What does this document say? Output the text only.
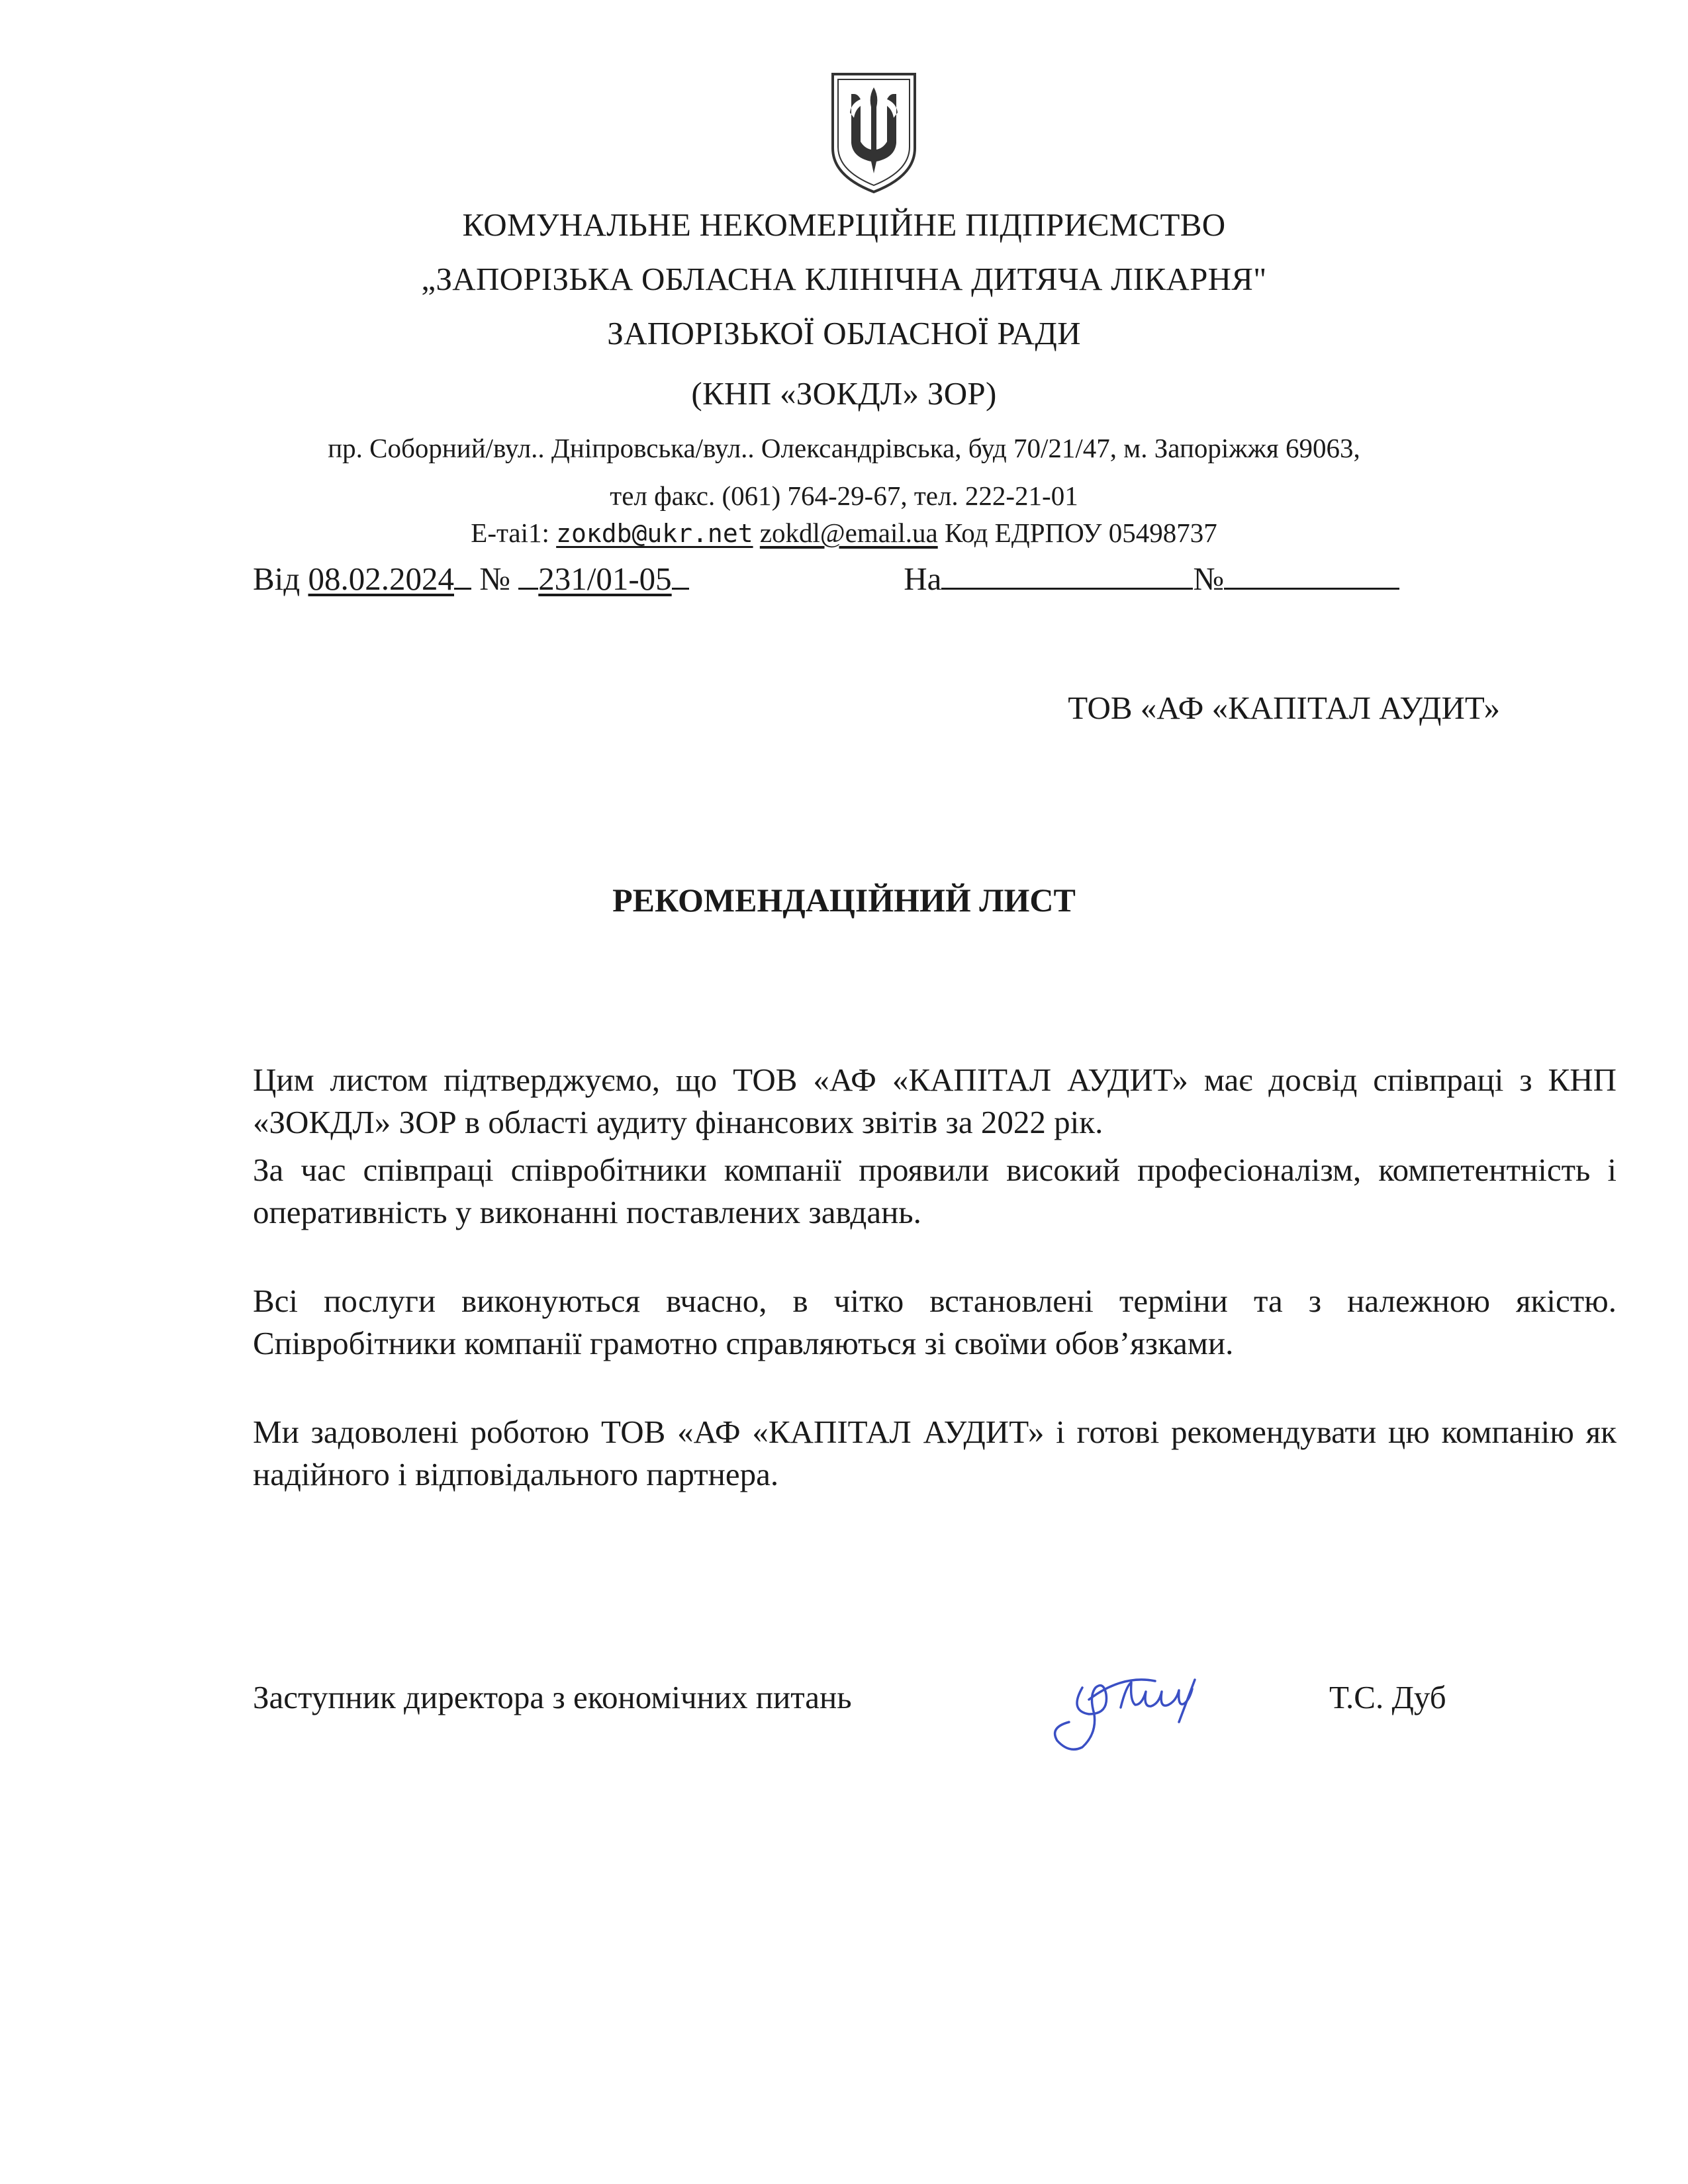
КОМУНАЛЬНЕ НЕКОМЕРЦІЙНЕ ПІДПРИЄМСТВО
„ЗАПОРІЗЬКА ОБЛАСНА КЛІНІЧНА ДИТЯЧА ЛІКАРНЯ"
ЗАПОРІЗЬКОЇ ОБЛАСНОЇ РАДИ
(КНП «ЗОКДЛ» ЗОР)
пр. Соборний/вул.. Дніпровська/вул.. Олександрівська, буд 70/21/47, м. Запоріжжя 69063,
тел факс. (061) 764-29-67, тел. 222-21-01
E-таі1: zoкdb@ukr.net zokdl@email.ua Код ЕДРПОУ 05498737
Від 08.02.2024 № 231/01-05	На	№
ТОВ «АФ «КАПІТАЛ АУДИТ»
РЕКОМЕНДАЦІЙНИЙ ЛИСТ
Цим листом підтверджуємо, що ТОВ «АФ «КАПІТАЛ АУДИТ» має досвід співпраці з КНП «ЗОКДЛ» ЗОР в області аудиту фінансових звітів за 2022 рік.
За час співпраці співробітники компанії проявили високий професіоналізм, компетентність і оперативність у виконанні поставлених завдань.
Всі послуги виконуються вчасно, в чітко встановлені терміни та з належною якістю. Співробітники компанії грамотно справляються зі своїми обов’язками.
Ми задоволені роботою ТОВ «АФ «КАПІТАЛ АУДИТ» і готові рекомендувати цю компанію як надійного і відповідального партнера.
Заступник директора з економічних питань	Т.С. Дуб
